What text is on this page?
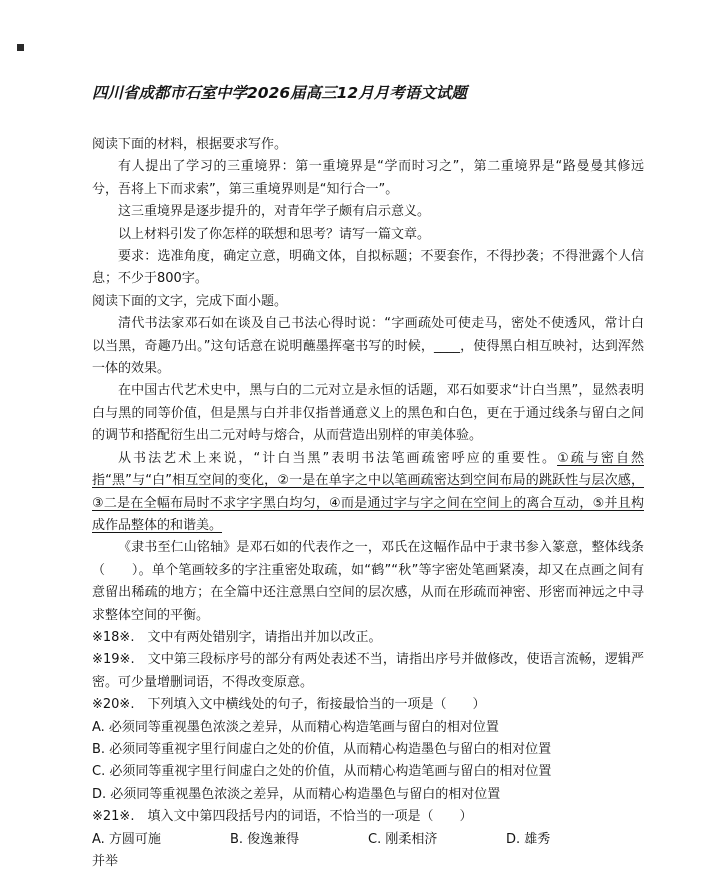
四川省成都市石室中学2026届高三12月月考语文试题

阅读下面的材料，根据要求写作。

有人提出了学习的三重境界：第一重境界是“学而时习之”，第二重境界是“路曼曼其修远兮，吾将上下而求索”，第三重境界则是“知行合一”。

这三重境界是逐步提升的，对青年学子颇有启示意义。

以上材料引发了你怎样的联想和思考？请写一篇文章。

要求：选准角度，确定立意，明确文体，自拟标题；不要套作，不得抄袭；不得泄露个人信息；不少于800字。

阅读下面的文字，完成下面小题。

清代书法家邓石如在谈及自己书法心得时说：“字画疏处可使走马，密处不使透风，常计白以当黑，奇趣乃出。”这句话意在说明蘸墨挥毫书写的时候，____，使得黑白相互映衬，达到浑然一体的效果。

在中国古代艺术史中，黑与白的二元对立是永恒的话题，邓石如要求“计白当黑”，显然表明白与黑的同等价值，但是黑与白并非仅指普通意义上的黑色和白色，更在于通过线条与留白之间的调节和搭配衍生出二元对峙与熔合，从而营造出别样的审美体验。

从书法艺术上来说，“计白当黑”表明书法笔画疏密呼应的重要性。①疏与密自然指“黑”与“白”相互空间的变化，②一是在单字之中以笔画疏密达到空间布局的跳跃性与层次感，③二是在全幅布局时不求字字黑白均匀，④而是通过字与字之间在空间上的离合互动，⑤并且构成作品整体的和谐美。

《隶书至仁山铭轴》是邓石如的代表作之一，邓氏在这幅作品中于隶书参入篆意，整体线条（　　）。单个笔画较多的字注重密处取疏，如“鹤”“秋”等字密处笔画紧凑，却又在点画之间有意留出稀疏的地方；在全篇中还注意黑白空间的层次感，从而在形疏而神密、形密而神远之中寻求整体空间的平衡。

※18※.　文中有两处错别字，请指出并加以改正。

※19※.　文中第三段标序号的部分有两处表述不当，请指出序号并做修改，使语言流畅，逻辑严密。可少量增删词语，不得改变原意。

※20※.　下列填入文中横线处的句子，衔接最恰当的一项是（　　）

A. 必须同等重视墨色浓淡之差异，从而精心构造笔画与留白的相对位置

B. 必须同等重视字里行间虚白之处的价值，从而精心构造墨色与留白的相对位置

C. 必须同等重视字里行间虚白之处的价值，从而精心构造笔画与留白的相对位置

D. 必须同等重视墨色浓淡之差异，从而精心构造墨色与留白的相对位置

※21※.　填入文中第四段括号内的词语，不恰当的一项是（　　）

A. 方圆可施	B. 俊逸兼得	C. 刚柔相济	D. 雄秀

并举
